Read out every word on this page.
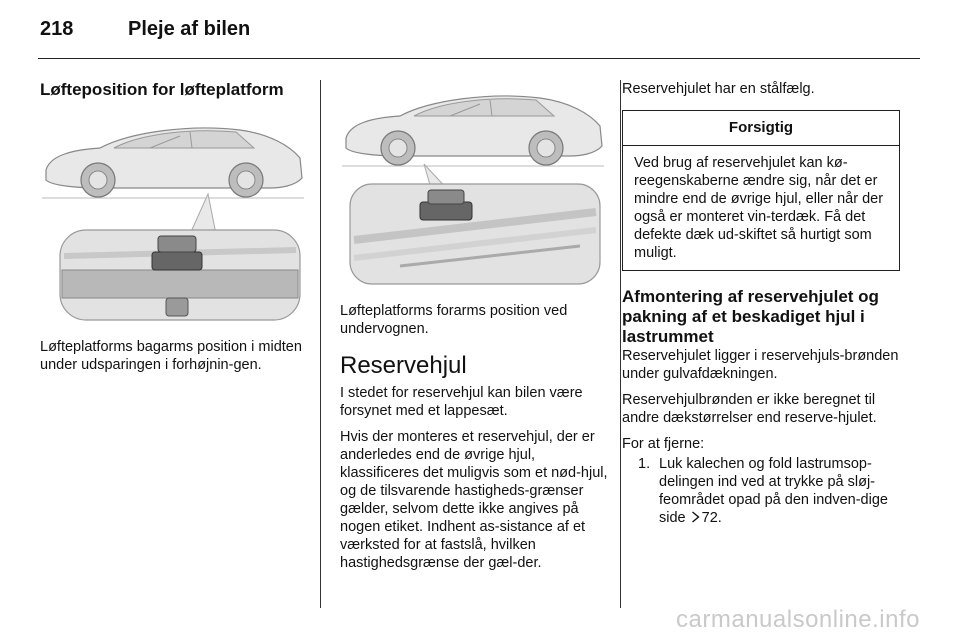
218	Pleje af bilen
Løfteposition for løfteplatform

Løfteplatforms bagarms position i midten under udsparingen i forhøjnin-gen.

Løfteplatforms forarms position ved undervognen.

Reservehjul

I stedet for reservehjul kan bilen være forsynet med et lappesæt.

Hvis der monteres et reservehjul, der er anderledes end de øvrige hjul, klassificeres det muligvis som et nød-hjul, og de tilsvarende hastigheds-grænser gælder, selvom dette ikke angives på nogen etiket. Indhent as-sistance af et værksted for at fastslå, hvilken hastighedsgrænse der gæl-der.

Reservehjulet har en stålfælg.

Forsigtig
Ved brug af reservehjulet kan kø-reegenskaberne ændre sig, når det er mindre end de øvrige hjul, eller når der også er monteret vin-terdæk. Få det defekte dæk ud-skiftet så hurtigt som muligt.
Afmontering af reservehjulet og pakning af et beskadiget hjul i lastrummet

Reservehjulet ligger i reservehjuls-brønden under gulvafdækningen.

Reservehjulbrønden er ikke beregnet til andre dækstørrelser end reserve-hjulet.

For at fjerne:

1. Luk kalechen og fold lastrumsop-delingen ind ved at trykke på sløj-feområdet opad på den indven-dige side 72.
carmanualsonline.info
